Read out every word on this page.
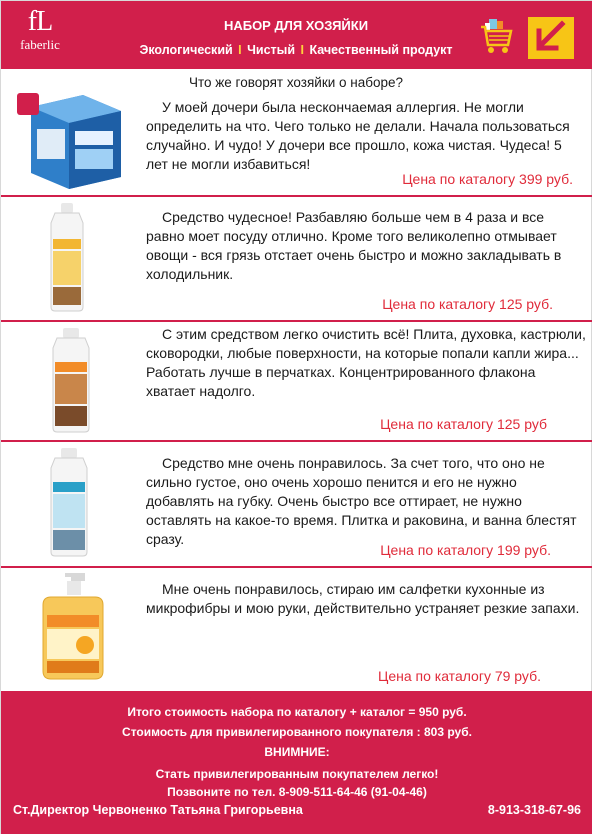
fL
faberlic
НАБОР ДЛЯ ХОЗЯЙКИ
Экологический I Чистый I Качественный продукт
Что же говорят хозяйки о наборе?
У моей дочери была нескончаемая аллергия. Не могли определить на что. Чего только не делали. Начала пользоваться случайно. И чудо! У дочери все прошло, кожа чистая. Чудеса! 5 лет не могли избавиться!
Цена по каталогу 399 руб.
Средство чудесное! Разбавляю больше чем в 4 раза и все равно моет посуду отлично. Кроме того великолепно отмывает овощи - вся грязь отстает очень быстро и можно закладывать в холодильник.
Цена по каталогу 125 руб.
С этим средством легко очистить всё! Плита, духовка, кастрюли, сковородки, любые поверхности, на которые попали капли жира... Работать лучше в перчатках. Концентрированного флакона хватает надолго.
Цена по каталогу 125 руб
Средство мне очень понравилось. За счет того, что оно не сильно густое, оно очень хорошо пенится и его не нужно добавлять на губку. Очень быстро все оттирает, не нужно оставлять на какое-то время. Плитка и раковина, и ванна блестят сразу.
Цена по каталогу 199 руб.
Мне очень понравилось, стираю им салфетки кухонные из микрофибры и мою руки, действительно устраняет резкие запахи.
Цена по каталогу 79 руб.
Итого стоимость набора по каталогу + каталог = 950 руб.
Стоимость для привилегированного покупателя : 803 руб.
ВНИМНИЕ:
Стать привилегированным покупателем легко!
Позвоните по тел. 8-909-511-64-46 (91-04-46)
Ст.Директор Червоненко Татьяна Григорьевна	8-913-318-67-96
